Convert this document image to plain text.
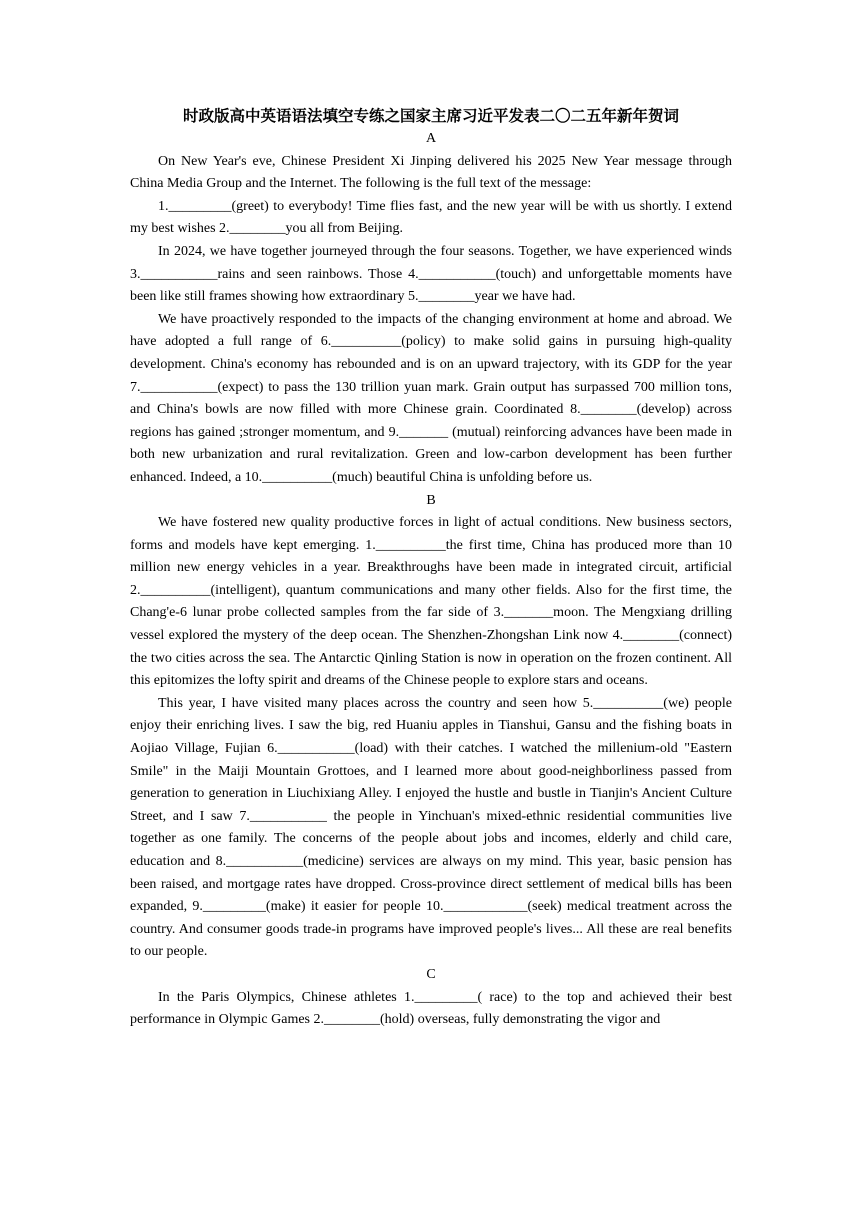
时政版高中英语语法填空专练之国家主席习近平发表二〇二五年新年贺词
A

On New Year's eve, Chinese President Xi Jinping delivered his 2025 New Year message through China Media Group and the Internet. The following is the full text of the message:

1._________(greet) to everybody! Time flies fast, and the new year will be with us shortly. I extend my best wishes 2.________you all from Beijing.

In 2024, we have together journeyed through the four seasons. Together, we have experienced winds 3.___________rains and seen rainbows. Those 4.___________(touch) and unforgettable moments have been like still frames showing how extraordinary 5.________year we have had.

We have proactively responded to the impacts of the changing environment at home and abroad. We have adopted a full range of 6.__________(policy) to make solid gains in pursuing high-quality development. China's economy has rebounded and is on an upward trajectory, with its GDP for the year 7.___________(expect) to pass the 130 trillion yuan mark. Grain output has surpassed 700 million tons, and China's bowls are now filled with more Chinese grain. Coordinated 8.________(develop) across regions has gained ;stronger momentum, and 9._______ (mutual) reinforcing advances have been made in both new urbanization and rural revitalization. Green and low-carbon development has been further enhanced. Indeed, a 10.__________(much) beautiful China is unfolding before us.

B

We have fostered new quality productive forces in light of actual conditions. New business sectors, forms and models have kept emerging. 1.__________the first time, China has produced more than 10 million new energy vehicles in a year. Breakthroughs have been made in integrated circuit, artificial 2.__________(intelligent), quantum communications and many other fields. Also for the first time, the Chang'e-6 lunar probe collected samples from the far side of 3._______moon. The Mengxiang drilling vessel explored the mystery of the deep ocean. The Shenzhen-Zhongshan Link now 4.________(connect) the two cities across the sea. The Antarctic Qinling Station is now in operation on the frozen continent. All this epitomizes the lofty spirit and dreams of the Chinese people to explore stars and oceans.

This year, I have visited many places across the country and seen how 5.__________(we) people enjoy their enriching lives. I saw the big, red Huaniu apples in Tianshui, Gansu and the fishing boats in Aojiao Village, Fujian 6.___________(load) with their catches. I watched the millenium-old "Eastern Smile" in the Maiji Mountain Grottoes, and I learned more about good-neighborliness passed from generation to generation in Liuchixiang Alley. I enjoyed the hustle and bustle in Tianjin's Ancient Culture Street, and I saw 7.___________ the people in Yinchuan's mixed-ethnic residential communities live together as one family. The concerns of the people about jobs and incomes, elderly and child care, education and 8.___________(medicine) services are always on my mind. This year, basic pension has been raised, and mortgage rates have dropped. Cross-province direct settlement of medical bills has been expanded, 9._________(make) it easier for people 10.____________(seek) medical treatment across the country. And consumer goods trade-in programs have improved people's lives... All these are real benefits to our people.

C

In the Paris Olympics, Chinese athletes 1._________( race) to the top and achieved their best performance in Olympic Games 2.________(hold) overseas, fully demonstrating the vigor and
